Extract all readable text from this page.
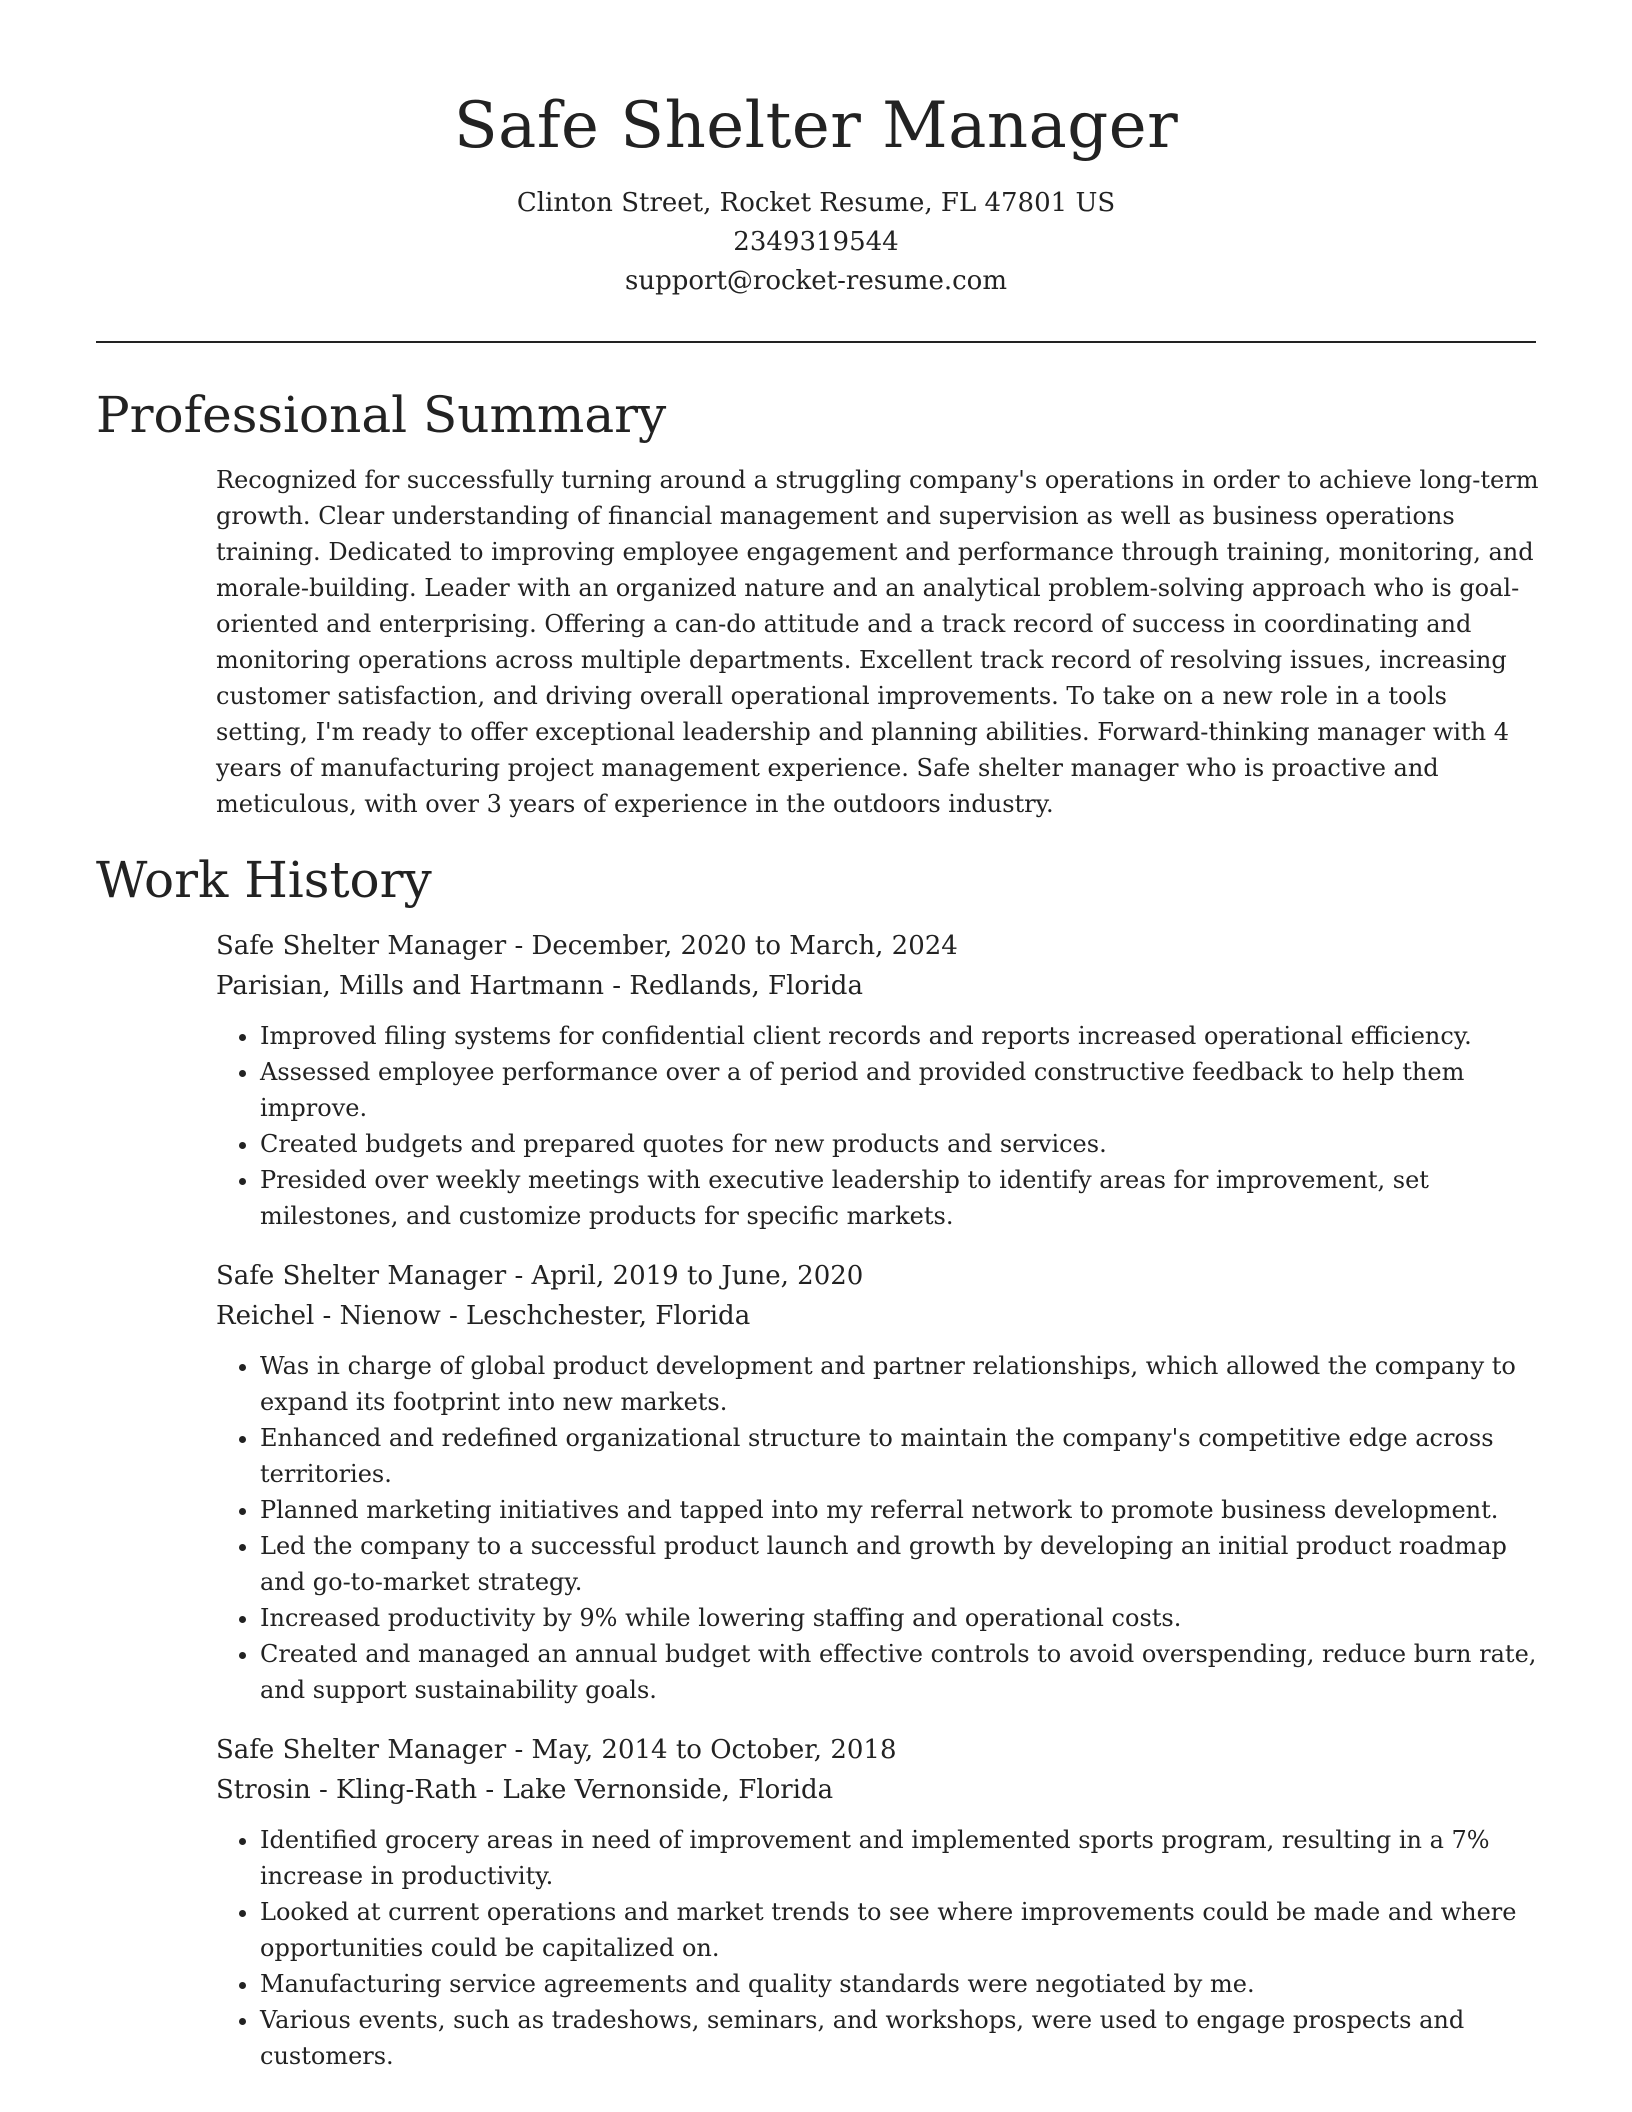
Safe Shelter Manager
Clinton Street, Rocket Resume, FL 47801 US
2349319544
support@rocket-resume.com
Professional Summary

Recognized for successfully turning around a struggling company's operations in order to achieve long-term growth. Clear understanding of financial management and supervision as well as business operations training. Dedicated to improving employee engagement and performance through training, monitoring, and morale-building. Leader with an organized nature and an analytical problem-solving approach who is goal-oriented and enterprising. Offering a can-do attitude and a track record of success in coordinating and monitoring operations across multiple departments. Excellent track record of resolving issues, increasing customer satisfaction, and driving overall operational improvements. To take on a new role in a tools setting, I'm ready to offer exceptional leadership and planning abilities. Forward-thinking manager with 4 years of manufacturing project management experience. Safe shelter manager who is proactive and meticulous, with over 3 years of experience in the outdoors industry.

Work History

Safe Shelter Manager - December, 2020 to March, 2024

Parisian, Mills and Hartmann - Redlands, Florida

• Improved filing systems for confidential client records and reports increased operational efficiency.
• Assessed employee performance over a of period and provided constructive feedback to help them improve.
• Created budgets and prepared quotes for new products and services.
• Presided over weekly meetings with executive leadership to identify areas for improvement, set milestones, and customize products for specific markets.

Safe Shelter Manager - April, 2019 to June, 2020

Reichel - Nienow - Leschchester, Florida

• Was in charge of global product development and partner relationships, which allowed the company to expand its footprint into new markets.
• Enhanced and redefined organizational structure to maintain the company's competitive edge across territories.
• Planned marketing initiatives and tapped into my referral network to promote business development.
• Led the company to a successful product launch and growth by developing an initial product roadmap and go-to-market strategy.
• Increased productivity by 9% while lowering staffing and operational costs.
• Created and managed an annual budget with effective controls to avoid overspending, reduce burn rate, and support sustainability goals.

Safe Shelter Manager - May, 2014 to October, 2018

Strosin - Kling-Rath - Lake Vernonside, Florida

• Identified grocery areas in need of improvement and implemented sports program, resulting in a 7% increase in productivity.
• Looked at current operations and market trends to see where improvements could be made and where opportunities could be capitalized on.
• Manufacturing service agreements and quality standards were negotiated by me.
• Various events, such as tradeshows, seminars, and workshops, were used to engage prospects and customers.
